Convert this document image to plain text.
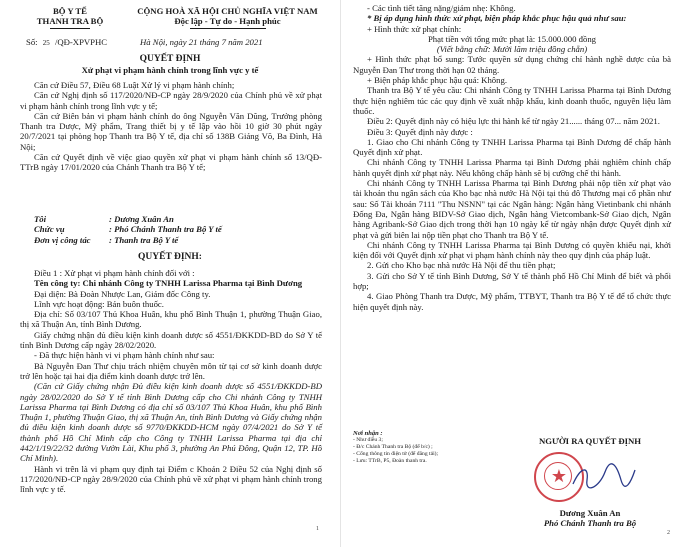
BỘ Y TẾ
THANH TRA BỘ
CỘNG HOÀ XÃ HỘI CHỦ NGHĨA VIỆT NAM
Độc lập - Tự do - Hạnh phúc
Số: 25 /QĐ-XPVPHC	Hà Nội, ngày 21 tháng 7 năm 2021
QUYẾT ĐỊNH
Xử phạt vi phạm hành chính trong lĩnh vực y tế
Căn cứ Điều 57, Điều 68 Luật Xử lý vi phạm hành chính;
Căn cứ Nghị định số 117/2020/NĐ-CP ngày 28/9/2020 của Chính phủ về xử phạt vi phạm hành chính trong lĩnh vực y tế;
Căn cứ Biên bản vi phạm hành chính do ông Nguyễn Văn Dũng, Trưởng phòng Thanh tra Dược, Mỹ phẩm, Trang thiết bị y tế lập vào hồi 10 giờ 30 phút ngày 20/7/2021 tại phòng họp Thanh tra Bộ Y tế, địa chỉ số 138B Giảng Võ, Ba Đình, Hà Nội;
Căn cứ Quyết định về việc giao quyền xử phạt vi phạm hành chính số 13/QĐ-TTrB ngày 17/01/2020 của Chánh Thanh tra Bộ Y tế;
Tôi	: Dương Xuân An
Chức vụ	: Phó Chánh Thanh tra Bộ Y tế
Đơn vị công tác	: Thanh tra Bộ Y tế
QUYẾT ĐỊNH:
Điều 1 : Xử phạt vi phạm hành chính đối với :
Tên công ty: Chi nhánh Công ty TNHH Larissa Pharma tại Bình Dương
Đại diện: Bà Đoàn Nhược Lan, Giám đốc Công ty.
Lĩnh vực hoạt động: Bán buôn thuốc.
Địa chỉ: Số 03/107 Thủ Khoa Huân, khu phố Bình Thuận 1, phường Thuận Giao, thị xã Thuận An, tỉnh Bình Dương.
Giấy chứng nhận đủ điều kiện kinh doanh dược số 4551/ĐKKDD-BD do Sở Y tế tỉnh Bình Dương cấp ngày 28/02/2020.
- Đã thực hiện hành vi vi phạm hành chính như sau:
Bà Nguyễn Đan Thư chịu trách nhiệm chuyên môn từ tại cơ sở kinh doanh dược trở lên hoặc tại hai địa điểm kinh doanh dược trở lên.
(Căn cứ Giấy chứng nhận Đủ điều kiện kinh doanh dược số 4551/ĐKKDD-BD ngày 28/02/2020 do Sở Y tế tỉnh Bình Dương cấp cho Chi nhánh Công ty TNHH Larissa Pharma tại Bình Dương có địa chỉ số 03/107 Thủ Khoa Huân, khu phố Bình Thuận 1, phường Thuận Giao, thị xã Thuận An, tỉnh Bình Dương và Giấy chứng nhận đủ điều kiện kinh doanh dược số 9770/ĐKKDD-HCM ngày 07/4/2021 do Sở Y tế thành phố Hồ Chí Minh cấp cho Công ty TNHH Larissa Pharma tại địa chỉ 442/1/19/22/32 đường Vườn Lài, Khu phố 3, phường An Phú Đông, Quận 12, TP. Hồ Chí Minh).
Hành vi trên là vi phạm quy định tại Điểm c Khoản 2 Điều 52 của Nghị định số 117/2020/NĐ-CP ngày 28/9/2020 của Chính phủ về xử phạt vi phạm hành chính trong lĩnh vực y tế.
1
- Các tình tiết tăng nặng/giảm nhẹ: Không.
* Bị áp dụng hình thức xử phạt, biện pháp khắc phục hậu quả như sau:
+ Hình thức xử phạt chính:
Phạt tiền với tổng mức phạt là: 15.000.000 đồng
(Viết bằng chữ: Mười lăm triệu đồng chẵn)
+ Hình thức phạt bổ sung: Tước quyền sử dụng chứng chỉ hành nghề dược của bà Nguyễn Đan Thư trong thời hạn 02 tháng.
+ Biện pháp khắc phục hậu quả: Không.
Thanh tra Bộ Y tế yêu cầu: Chi nhánh Công ty TNHH Larissa Pharma tại Bình Dương thực hiện nghiêm túc các quy định về xuất nhập khẩu, kinh doanh thuốc, nguyên liệu làm thuốc.
Điều 2: Quyết định này có hiệu lực thi hành kể từ ngày 21...... tháng 07... năm 2021.
Điều 3: Quyết định này được :
1. Giao cho Chi nhánh Công ty TNHH Larissa Pharma tại Bình Dương để chấp hành Quyết định xử phạt.
Chi nhánh Công ty TNHH Larissa Pharma tại Bình Dương phải nghiêm chỉnh chấp hành quyết định xử phạt này. Nếu không chấp hành sẽ bị cưỡng chế thi hành.
Chi nhánh Công ty TNHH Larissa Pharma tại Bình Dương phải nộp tiền xử phạt vào tài khoản thu ngân sách của Kho bạc nhà nước Hà Nội tại thủ đô Thương mại cổ phần như sau: Số Tài khoản 7111 "Thu NSNN" tại các Ngân hàng: Ngân hàng Vietinbank chi nhánh Đống Đa, Ngân hàng BIDV-Sở Giao dịch, Ngân hàng Vietcombank-Sở Giao dịch, Ngân hàng Agribank-Sở Giao dịch trong thời hạn 10 ngày kể từ ngày nhận được Quyết định xử phạt và gửi biên lai nộp tiền phạt cho Thanh tra Bộ Y tế.
Chi nhánh Công ty TNHH Larissa Pharma tại Bình Dương có quyền khiếu nại, khởi kiện đối với Quyết định xử phạt vi phạm hành chính này theo quy định của pháp luật.
2. Gửi cho Kho bạc nhà nước Hà Nội để thu tiền phạt;
3. Gửi cho Sở Y tế tỉnh Bình Dương, Sở Y tế thành phố Hồ Chí Minh để biết và phối hợp;
4. Giao Phòng Thanh tra Dược, Mỹ phẩm, TTBYT, Thanh tra Bộ Y tế để tổ chức thực hiện quyết định này.
Nơi nhận :
- Như điều 3;
- Đ/c Chánh Thanh tra Bộ (để b/c) ;
- Cổng thông tin điện tử (để đăng tải);
- Lưu: TTrB, P5, Đoàn thanh tra.
NGƯỜI RA QUYẾT ĐỊNH
★
Dương Xuân An
Phó Chánh Thanh tra Bộ
2
